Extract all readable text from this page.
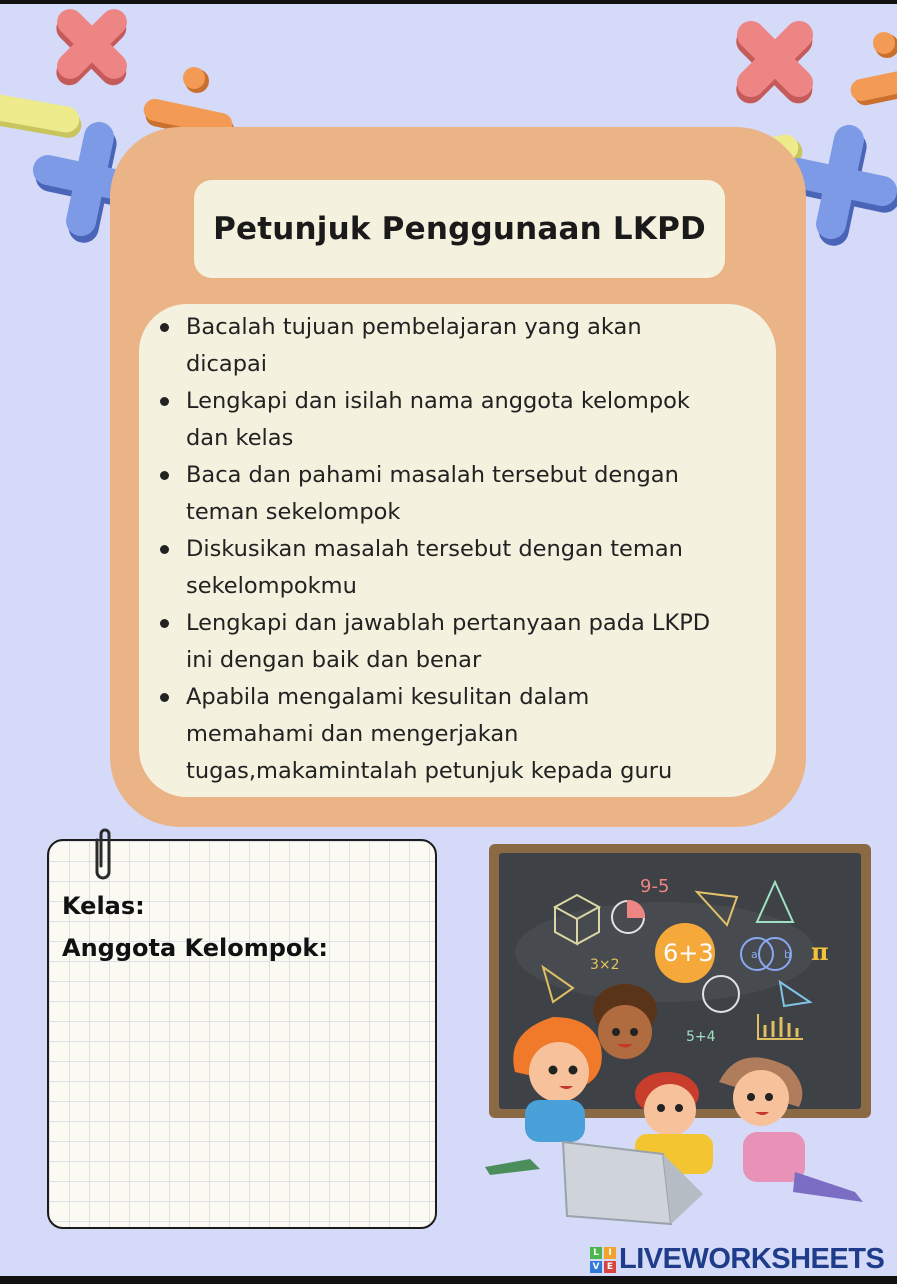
Petunjuk Penggunaan LKPD
Bacalah tujuan pembelajaran yang akan
dicapai
Lengkapi dan isilah nama anggota kelompok
dan kelas
Baca dan pahami masalah tersebut dengan
teman sekelompok
Diskusikan masalah tersebut dengan teman
sekelompokmu
Lengkapi dan jawablah pertanyaan pada LKPD
ini dengan baik dan benar
Apabila mengalami kesulitan dalam
memahami dan mengerjakan
tugas,makamintalah petunjuk kepada guru
Kelas:
Anggota Kelompok:
9-5
3×2
5+4
a b
6+3	π
L	I
V E LIVEWORKSHEETS
